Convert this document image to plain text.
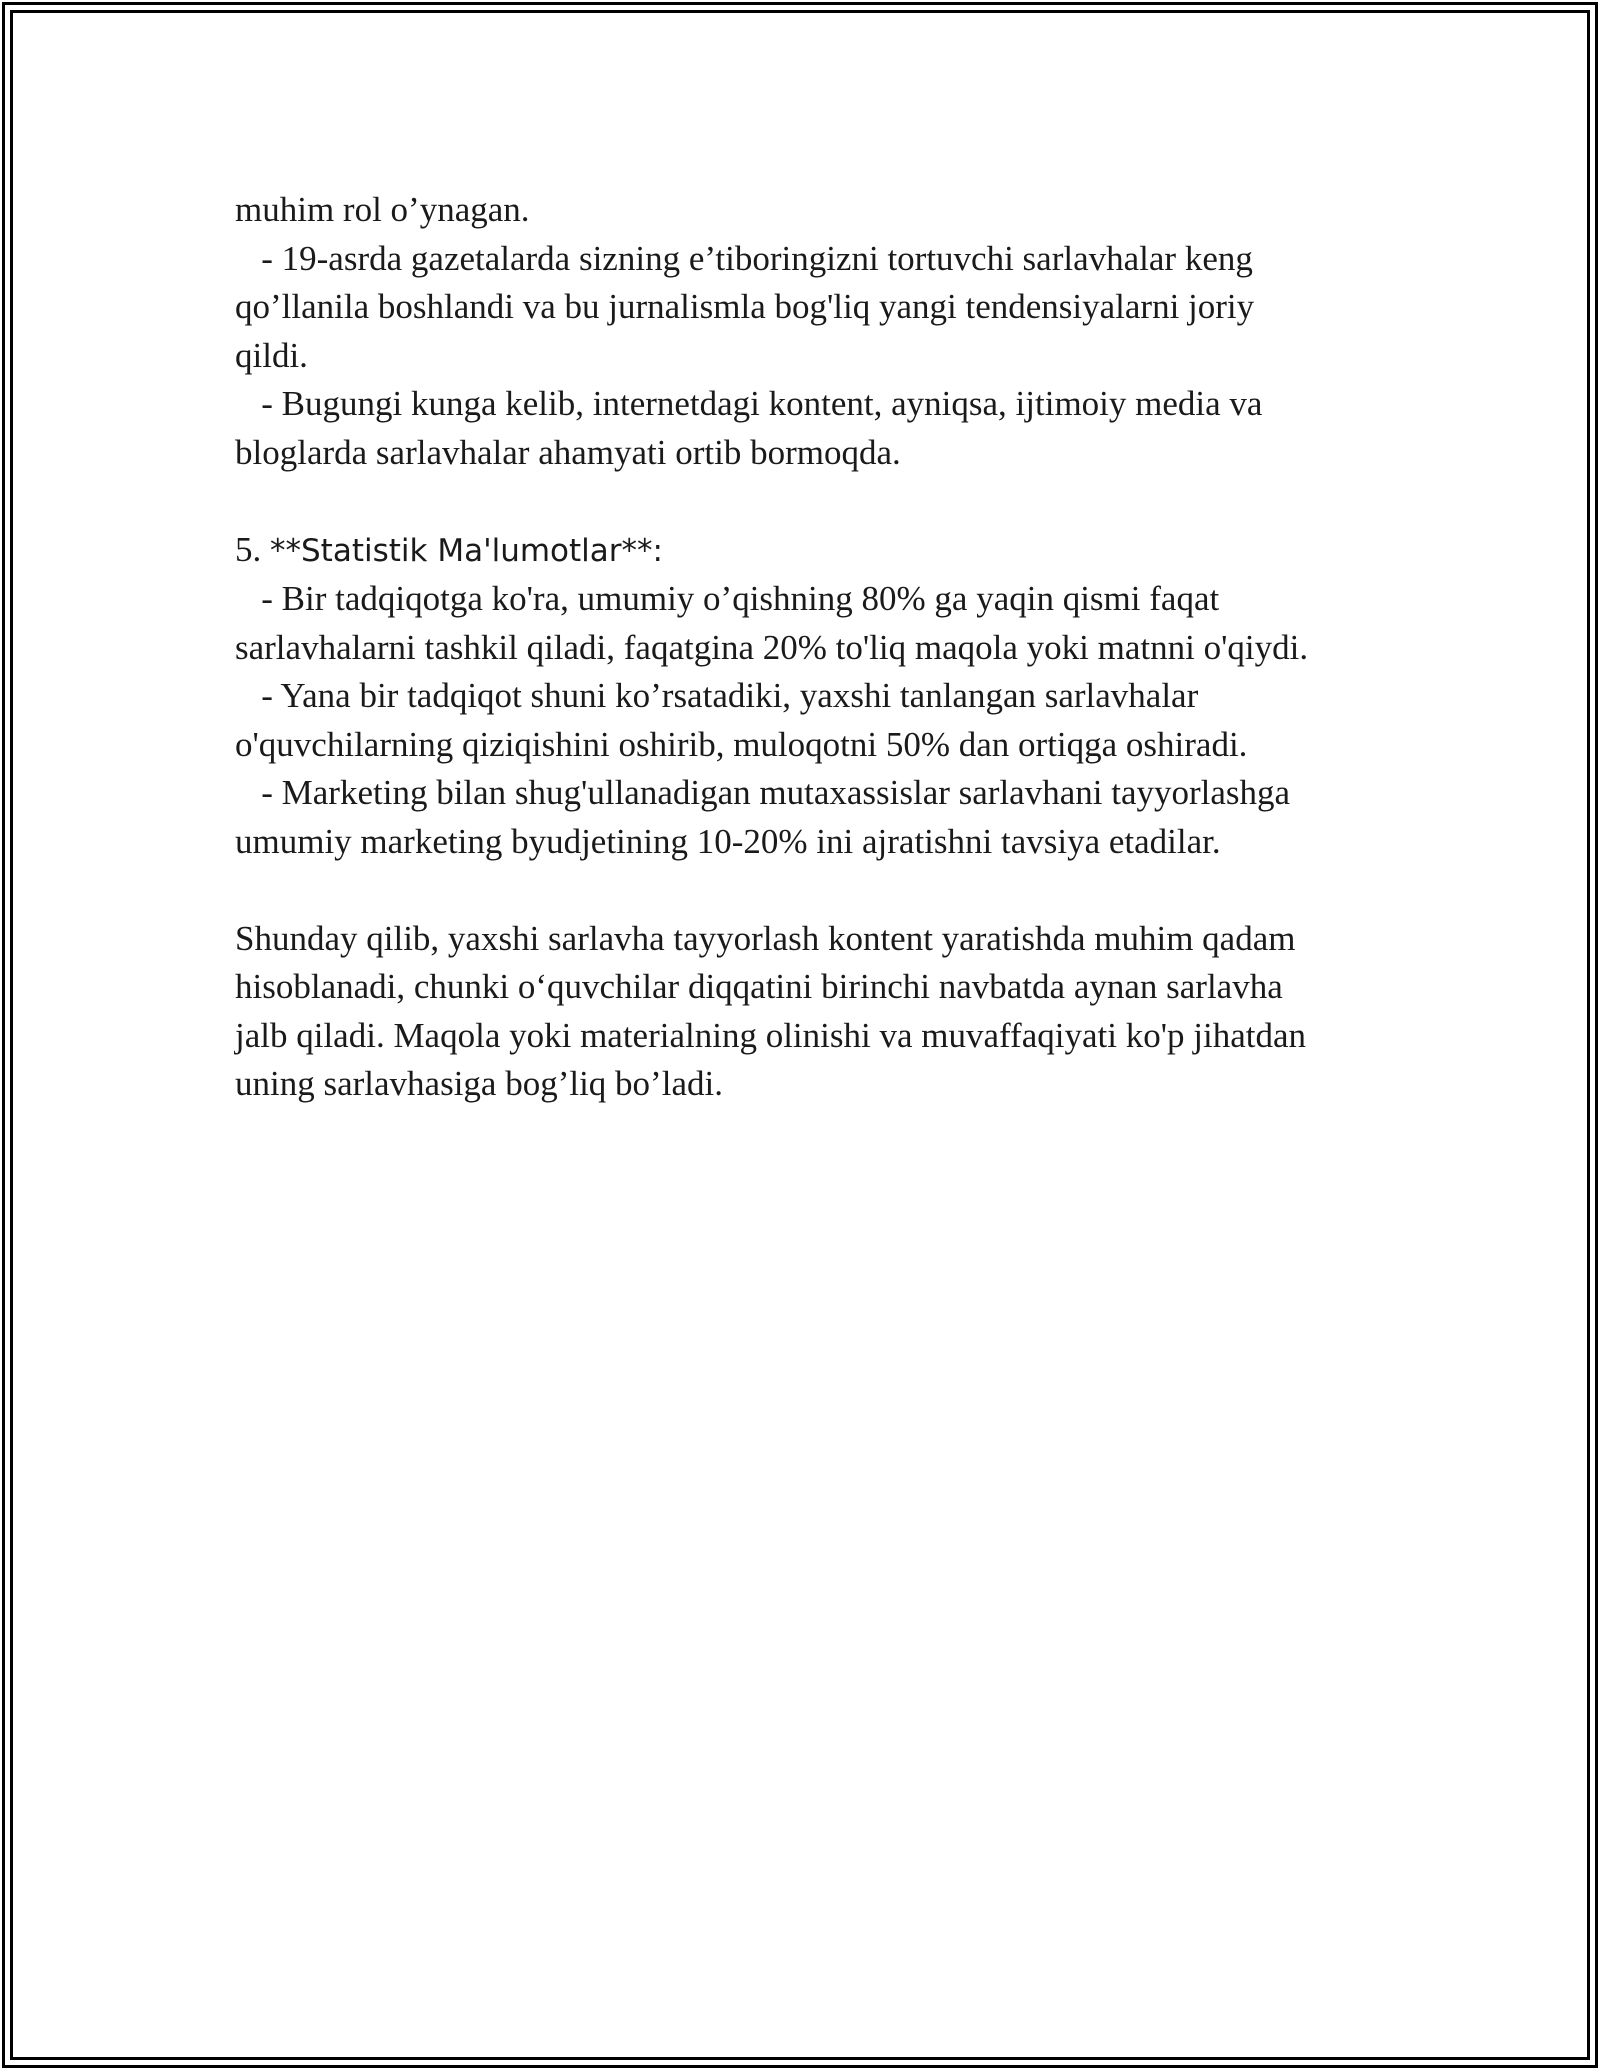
muhim rol o’ynagan.

- 19-asrda gazetalarda sizning e’tiboringizni tortuvchi sarlavhalar keng

qo’llanila boshlandi va bu jurnalismla bog'liq yangi tendensiyalarni joriy

qildi.

- Bugungi kunga kelib, internetdagi kontent, ayniqsa, ijtimoiy media va

bloglarda sarlavhalar ahamyati ortib bormoqda.

5. **Statistik Ma'lumotlar**:

- Bir tadqiqotga ko'ra, umumiy o’qishning 80% ga yaqin qismi faqat

sarlavhalarni tashkil qiladi, faqatgina 20% to'liq maqola yoki matnni o'qiydi.

- Yana bir tadqiqot shuni ko’rsatadiki, yaxshi tanlangan sarlavhalar

o'quvchilarning qiziqishini oshirib, muloqotni 50% dan ortiqga oshiradi.

- Marketing bilan shug'ullanadigan mutaxassislar sarlavhani tayyorlashga

umumiy marketing byudjetining 10-20% ini ajratishni tavsiya etadilar.

Shunday qilib, yaxshi sarlavha tayyorlash kontent yaratishda muhim qadam

hisoblanadi, chunki o‘quvchilar diqqatini birinchi navbatda aynan sarlavha

jalb qiladi. Maqola yoki materialning olinishi va muvaffaqiyati ko'p jihatdan

uning sarlavhasiga bog’liq bo’ladi.
